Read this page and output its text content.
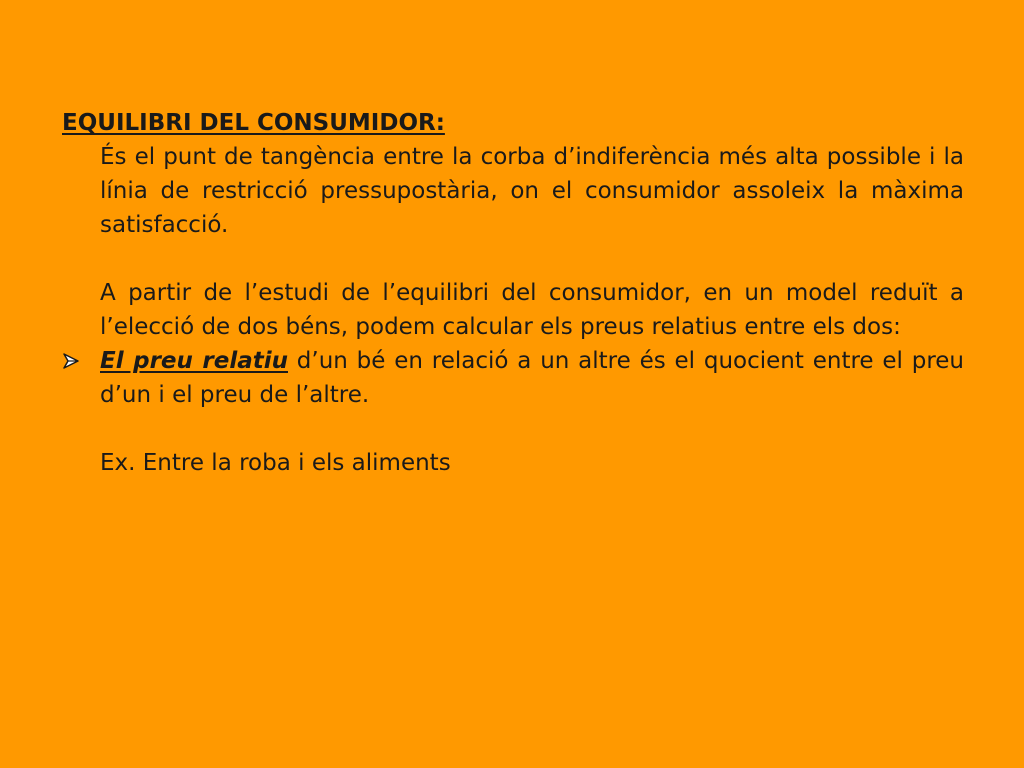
EQUILIBRI DEL CONSUMIDOR:

És el punt de tangència entre la corba d’indiferència més alta possible i la línia de restricció pressupostària, on el consumidor assoleix la màxima satisfacció.

A partir de l’estudi de l’equilibri del consumidor, en un model reduït a l’elecció de dos béns, podem calcular els preus relatius entre els dos:

El preu relatiu d’un bé en relació a un altre és el quocient entre el preu d’un i el preu de l’altre.

Ex. Entre la roba i els aliments
